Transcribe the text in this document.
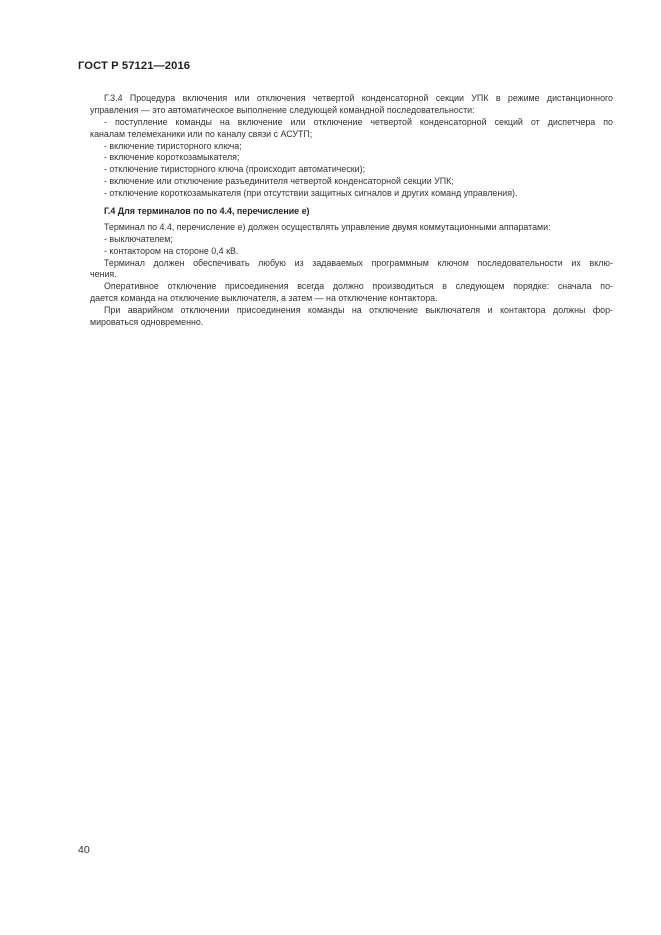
ГОСТ Р 57121—2016
Г.3.4 Процедура включения или отключения четвертой конденсаторной секции УПК в режиме дистанционного
управления — это автоматическое выполнение следующей командной последовательности:
- поступление команды на включение или отключение четвертой конденсаторной секций от диспетчера по
каналам телемеханики или по каналу связи с АСУТП;
- включение тиристорного ключа;
- включение короткозамыкателя;
- отключение тиристорного ключа (происходит автоматически);
- включение или отключение разъединителя четвертой конденсаторной секции УПК;
- отключение короткозамыкателя (при отсутствии защитных сигналов и других команд управления).
Г.4 Для терминалов по по 4.4, перечисление е)
Терминал по 4.4, перечисление е) должен осуществлять управление двумя коммутационными аппаратами:
- выключателем;
- контактором на стороне 0,4 кВ.
Терминал должен обеспечивать любую из задаваемых программным ключом последовательности их вклю-
чения.
Оперативное отключение присоединения всегда должно производиться в следующем порядке: сначала по-
дается команда на отключение выключателя, а затем — на отключение контактора.
При аварийном отключении присоединения команды на отключение выключателя и контактора должны фор-
мироваться одновременно.
40
